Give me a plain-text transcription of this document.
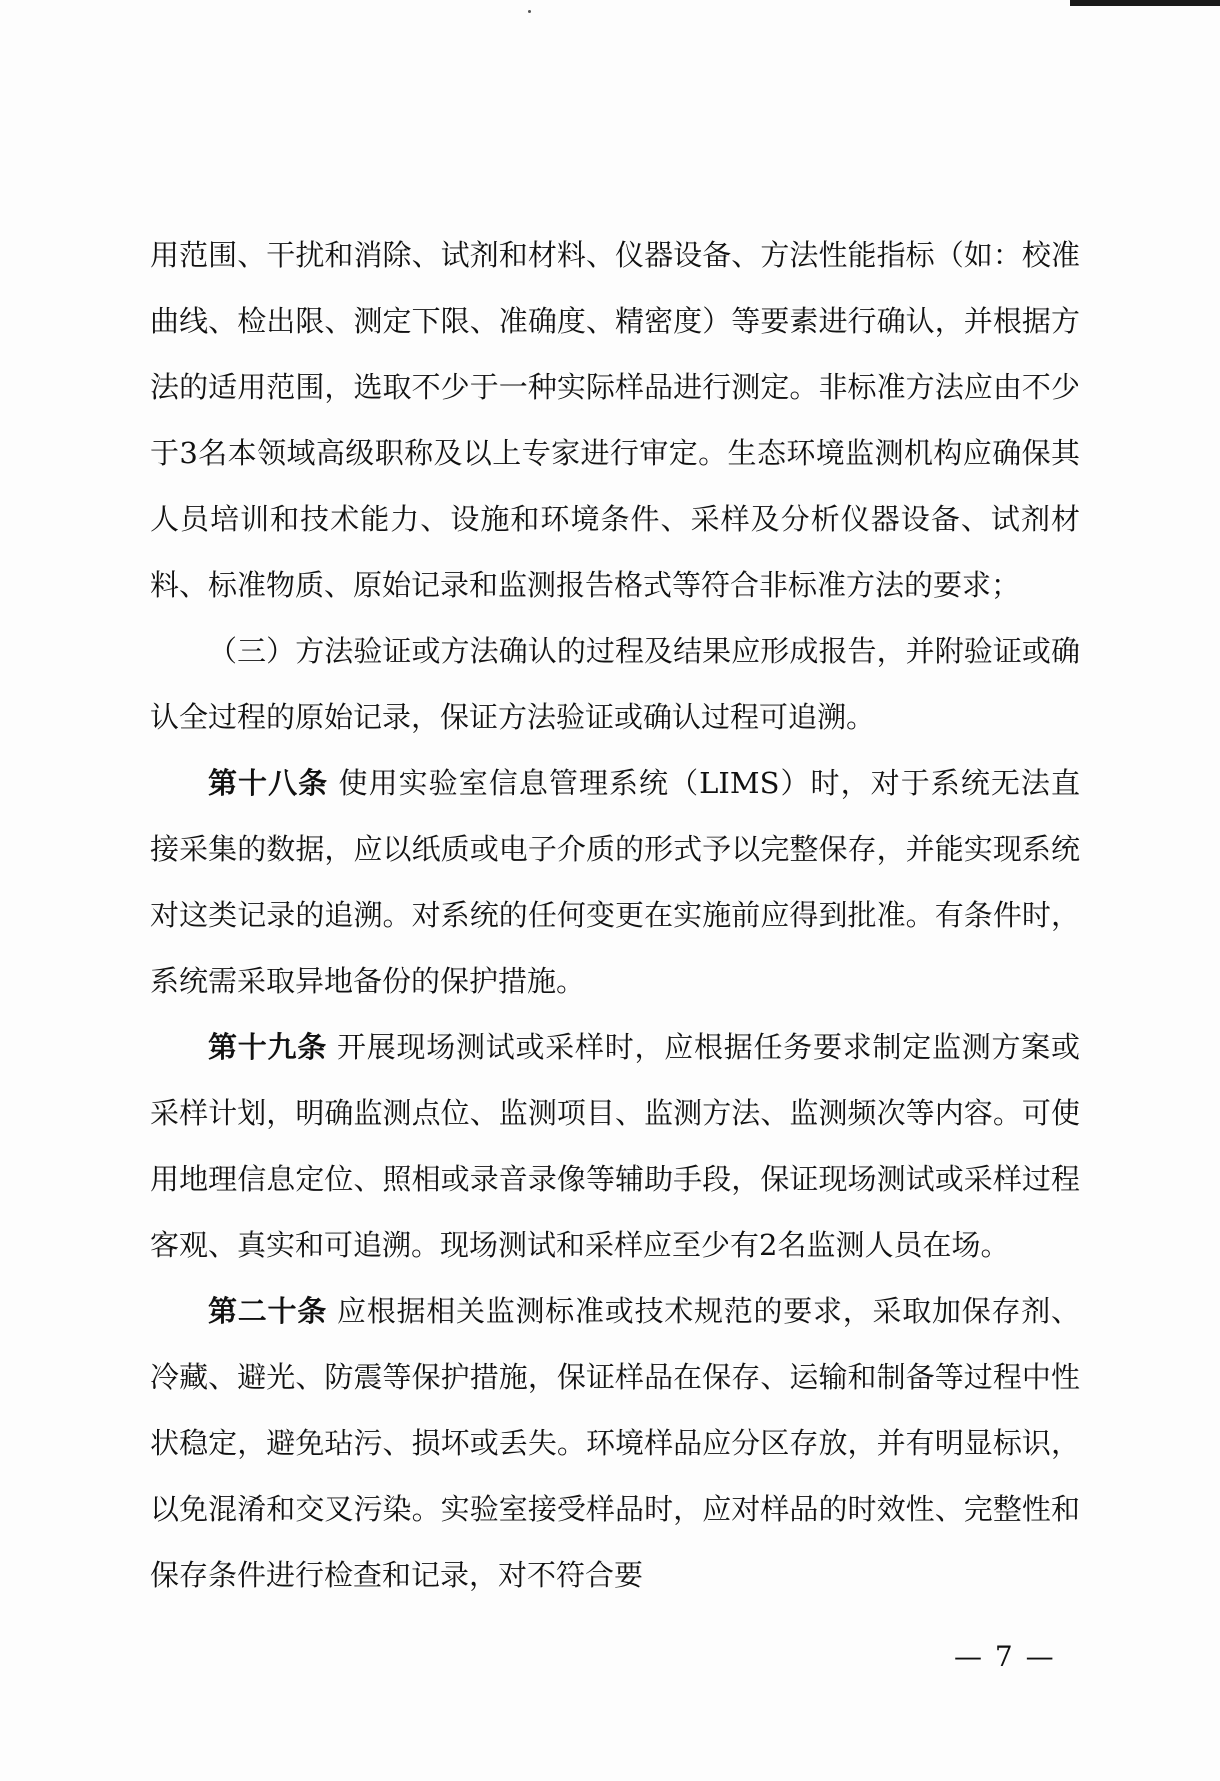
用范围、干扰和消除、试剂和材料、仪器设备、方法性能指标（如：校准曲线、检出限、测定下限、准确度、精密度）等要素进行确认，并根据方法的适用范围，选取不少于一种实际样品进行测定。非标准方法应由不少于3名本领域高级职称及以上专家进行审定。生态环境监测机构应确保其人员培训和技术能力、设施和环境条件、采样及分析仪器设备、试剂材料、标准物质、原始记录和监测报告格式等符合非标准方法的要求；

（三）方法验证或方法确认的过程及结果应形成报告，并附验证或确认全过程的原始记录，保证方法验证或确认过程可追溯。

第十八条 使用实验室信息管理系统（LIMS）时，对于系统无法直接采集的数据，应以纸质或电子介质的形式予以完整保存，并能实现系统对这类记录的追溯。对系统的任何变更在实施前应得到批准。有条件时，系统需采取异地备份的保护措施。

第十九条 开展现场测试或采样时，应根据任务要求制定监测方案或采样计划，明确监测点位、监测项目、监测方法、监测频次等内容。可使用地理信息定位、照相或录音录像等辅助手段，保证现场测试或采样过程客观、真实和可追溯。现场测试和采样应至少有2名监测人员在场。

第二十条 应根据相关监测标准或技术规范的要求，采取加保存剂、冷藏、避光、防震等保护措施，保证样品在保存、运输和制备等过程中性状稳定，避免玷污、损坏或丢失。环境样品应分区存放，并有明显标识，以免混淆和交叉污染。实验室接受样品时，应对样品的时效性、完整性和保存条件进行检查和记录，对不符合要

— 7 —
